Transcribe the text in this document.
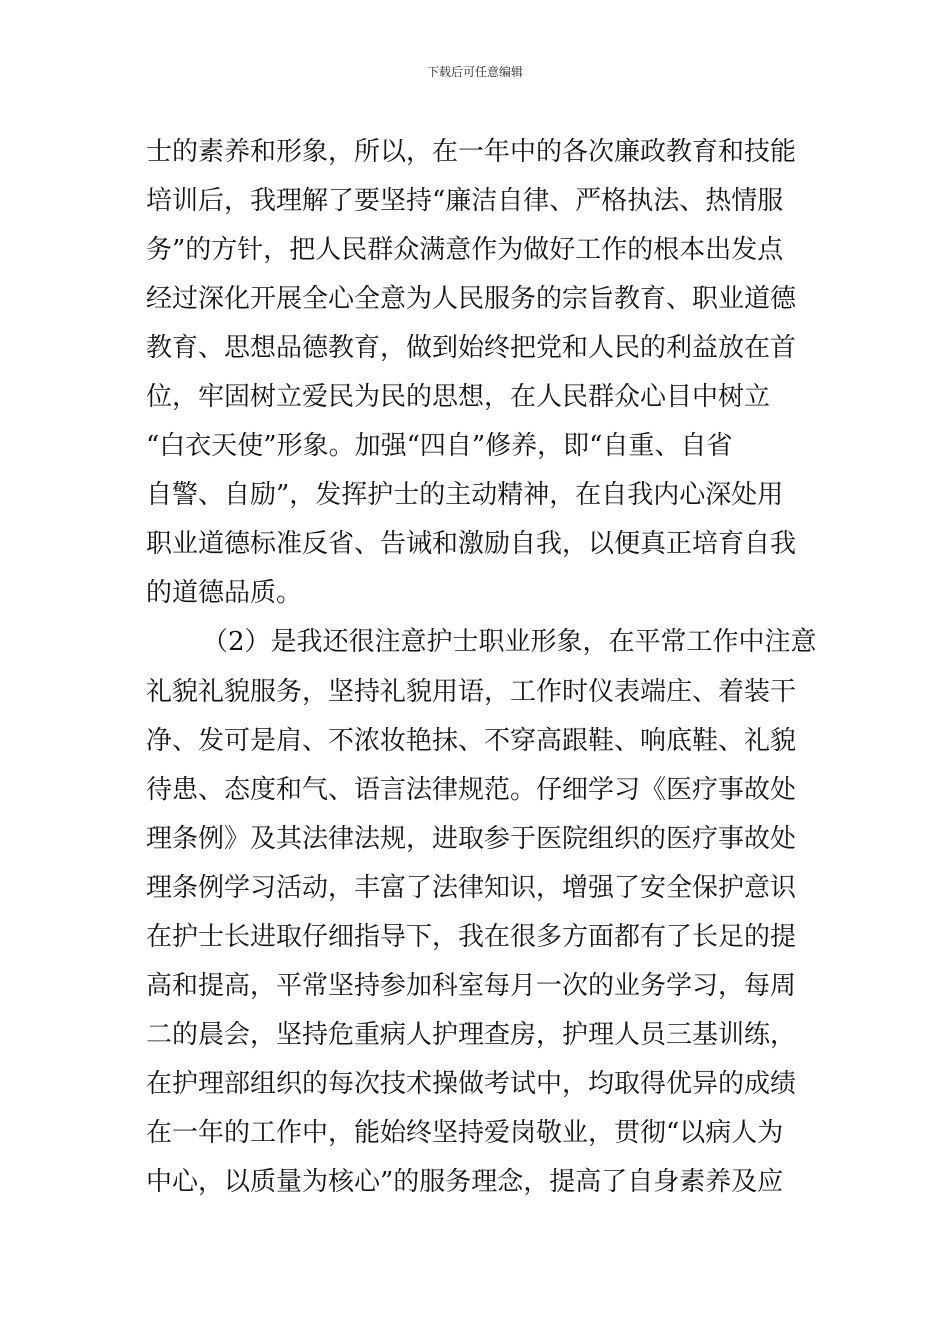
下载后可任意编辑
士的素养和形象，所以，在一年中的各次廉政教育和技能
培训后，我理解了要坚持“廉洁自律、严格执法、热情服
务”的方针，把人民群众满意作为做好工作的根本出发点
经过深化开展全心全意为人民服务的宗旨教育、职业道德
教育、思想品德教育，做到始终把党和人民的利益放在首
位，牢固树立爱民为民的思想，在人民群众心目中树立
“白衣天使”形象。加强“四自”修养，即“自重、自省
自警、自励”，发挥护士的主动精神，在自我内心深处用
职业道德标准反省、告诫和激励自我，以便真正培育自我
的道德品质。
（2）是我还很注意护士职业形象，在平常工作中注意
礼貌礼貌服务，坚持礼貌用语，工作时仪表端庄、着装干
净、发可是肩、不浓妆艳抹、不穿高跟鞋、响底鞋、礼貌
待患、态度和气、语言法律规范。仔细学习《医疗事故处
理条例》及其法律法规，进取参于医院组织的医疗事故处
理条例学习活动，丰富了法律知识，增强了安全保护意识
在护士长进取仔细指导下，我在很多方面都有了长足的提
高和提高，平常坚持参加科室每月一次的业务学习，每周
二的晨会，坚持危重病人护理查房，护理人员三基训练，
在护理部组织的每次技术操做考试中，均取得优异的成绩
在一年的工作中，能始终坚持爱岗敬业，贯彻“以病人为
中心，以质量为核心”的服务理念，提高了自身素养及应
